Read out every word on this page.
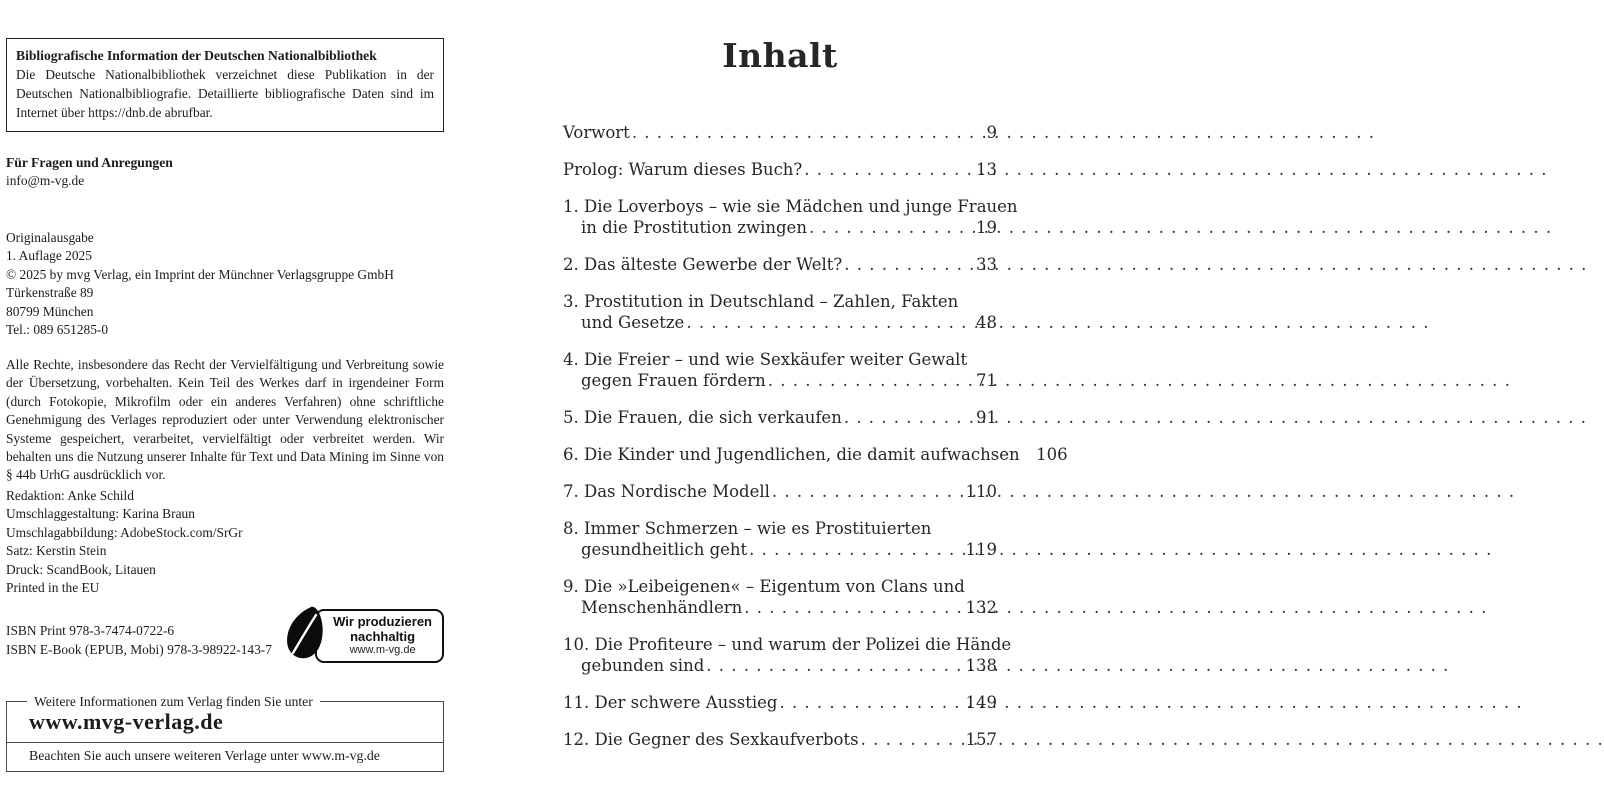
Bibliografische Information der Deutschen Nationalbibliothek
Die Deutsche Nationalbibliothek verzeichnet diese Publikation in der Deutschen Nationalbibliografie. Detaillierte bibliografische Daten sind im Internet über https://dnb.de abrufbar.
Für Fragen und Anregungen
info@m-vg.de
Originalausgabe
1. Auflage 2025
© 2025 by mvg Verlag, ein Imprint der Münchner Verlagsgruppe GmbH
Türkenstraße 89
80799 München
Tel.: 089 651285-0

Alle Rechte, insbesondere das Recht der Vervielfältigung und Verbreitung sowie der Übersetzung, vorbehalten. Kein Teil des Werkes darf in irgendeiner Form (durch Fotokopie, Mikrofilm oder ein anderes Verfahren) ohne schriftliche Genehmigung des Verlages reproduziert oder unter Verwendung elektronischer Systeme gespeichert, verarbeitet, vervielfältigt oder verbreitet werden. Wir behalten uns die Nutzung unserer Inhalte für Text und Data Mining im Sinne von § 44b UrhG ausdrücklich vor.

Redaktion: Anke Schild
Umschlaggestaltung: Karina Braun
Umschlagabbildung: AdobeStock.com/SrGr
Satz: Kerstin Stein
Druck: ScandBook, Litauen
Printed in the EU
ISBN Print 978-3-7474-0722-6
ISBN E-Book (EPUB, Mobi) 978-3-98922-143-7
Wir produzieren
nachhaltig
www.m-vg.de
Weitere Informationen zum Verlag finden Sie unter
www.mvg-verlag.de
Beachten Sie auch unsere weiteren Verlage unter www.m-vg.de
Inhalt
Vorwort . . .	9
Prolog: Warum dieses Buch? . . .	13
1. Die Loverboys – wie sie Mädchen und junge Frauen
in die Prostitution zwingen . . .	19
2. Das älteste Gewerbe der Welt? . . .	33
3. Prostitution in Deutschland – Zahlen, Fakten
und Gesetze . . .	48
4. Die Freier – und wie Sexkäufer weiter Gewalt
gegen Frauen fördern . . .	71
5. Die Frauen, die sich verkaufen . . .	91
6. Die Kinder und Jugendlichen, die damit aufwachsen 106
7. Das Nordische Modell . . .	110
8. Immer Schmerzen – wie es Prostituierten
gesundheitlich geht . . .	119
9. Die »Leibeigenen« – Eigentum von Clans und
Menschenhändlern . . .	132
10. Die Profiteure – und warum der Polizei die Hände
gebunden sind . . .	138
11. Der schwere Ausstieg . . .	149
12. Die Gegner des Sexkaufverbots . . .	157
